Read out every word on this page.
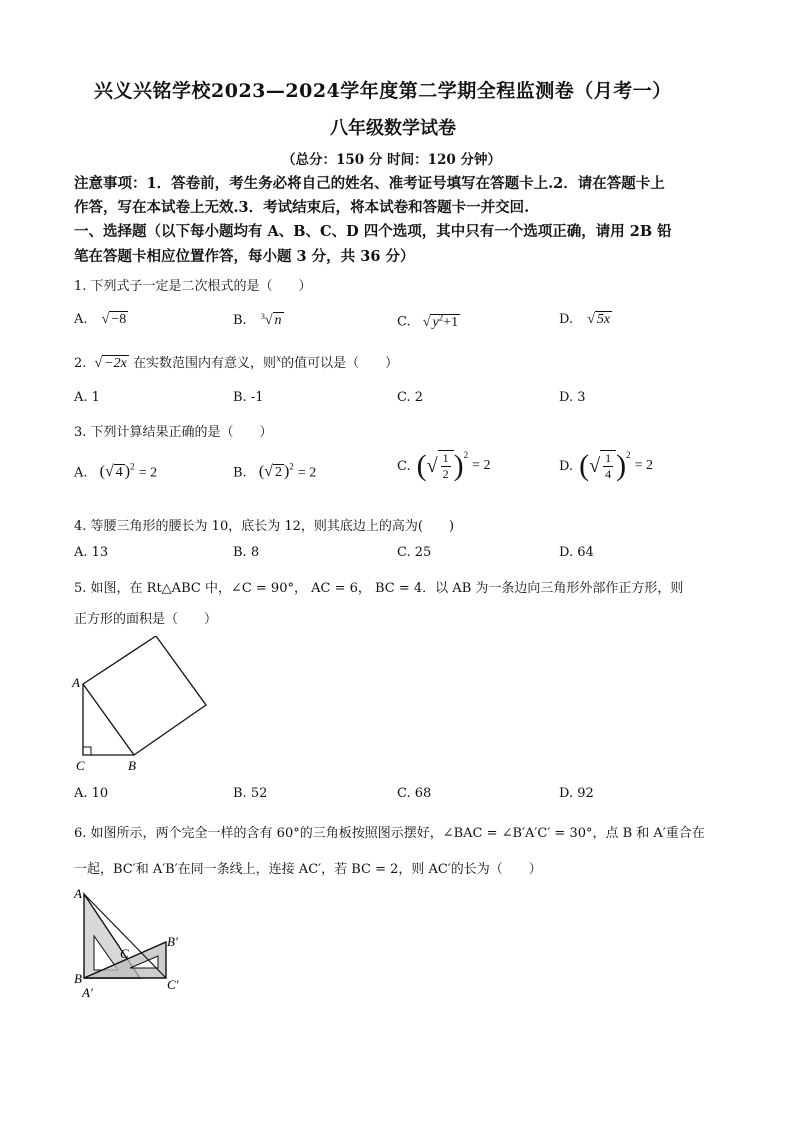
兴义兴铭学校2023—2024学年度第二学期全程监测卷（月考一）
八年级数学试卷
（总分：150 分 时间：120 分钟）
注意事项：1．答卷前，考生务必将自己的姓名、准考证号填写在答题卡上.2．请在答题卡上
作答，写在本试卷上无效.3．考试结束后，将本试卷和答题卡一并交回.
一、选择题（以下每小题均有 A、B、C、D 四个选项，其中只有一个选项正确，请用 2B 铅
笔在答题卡相应位置作答，每小题 3 分，共 36 分）
1. 下列式子一定是二次根式的是（　　）
A. √ −8	B. $^3$√ n	C. √ $y^2+1$	D. √ 5x
2. √ −2x 在实数范围内有意义，则$^x$的值可以是（　　）
A. 1	B. -1	C. 2	D. 3
3. 下列计算结果正确的是（　　）
A. (√ 4 )$^2$ = 2	B. (√ 2 )$^2$ = 2	C. ( √ 1
2 ) 2
= 2	D. ( √ 1
4 ) 2
= 2
4. 等腰三角形的腰长为 10，底长为 12，则其底边上的高为(　　)
A. 13	B. 8	C. 25	D. 64
5. 如图，在 Rt△ABC 中，∠C = 90°， AC = 6， BC = 4．以 AB 为一条边向三角形外部作正方形，则
正方形的面积是（　　）
A
C	B
A. 10	B. 52	C. 68	D. 92
6. 如图所示，两个完全一样的含有 60°的三角板按照图示摆好，∠BAC = ∠B′A′C′ = 30°，点 B 和 A′重合在
一起，BC′和 A′B′在同一条线上，连接 AC′，若 BC = 2，则 AC′的长为（　　）
A
C
B′
B
A′
C′
